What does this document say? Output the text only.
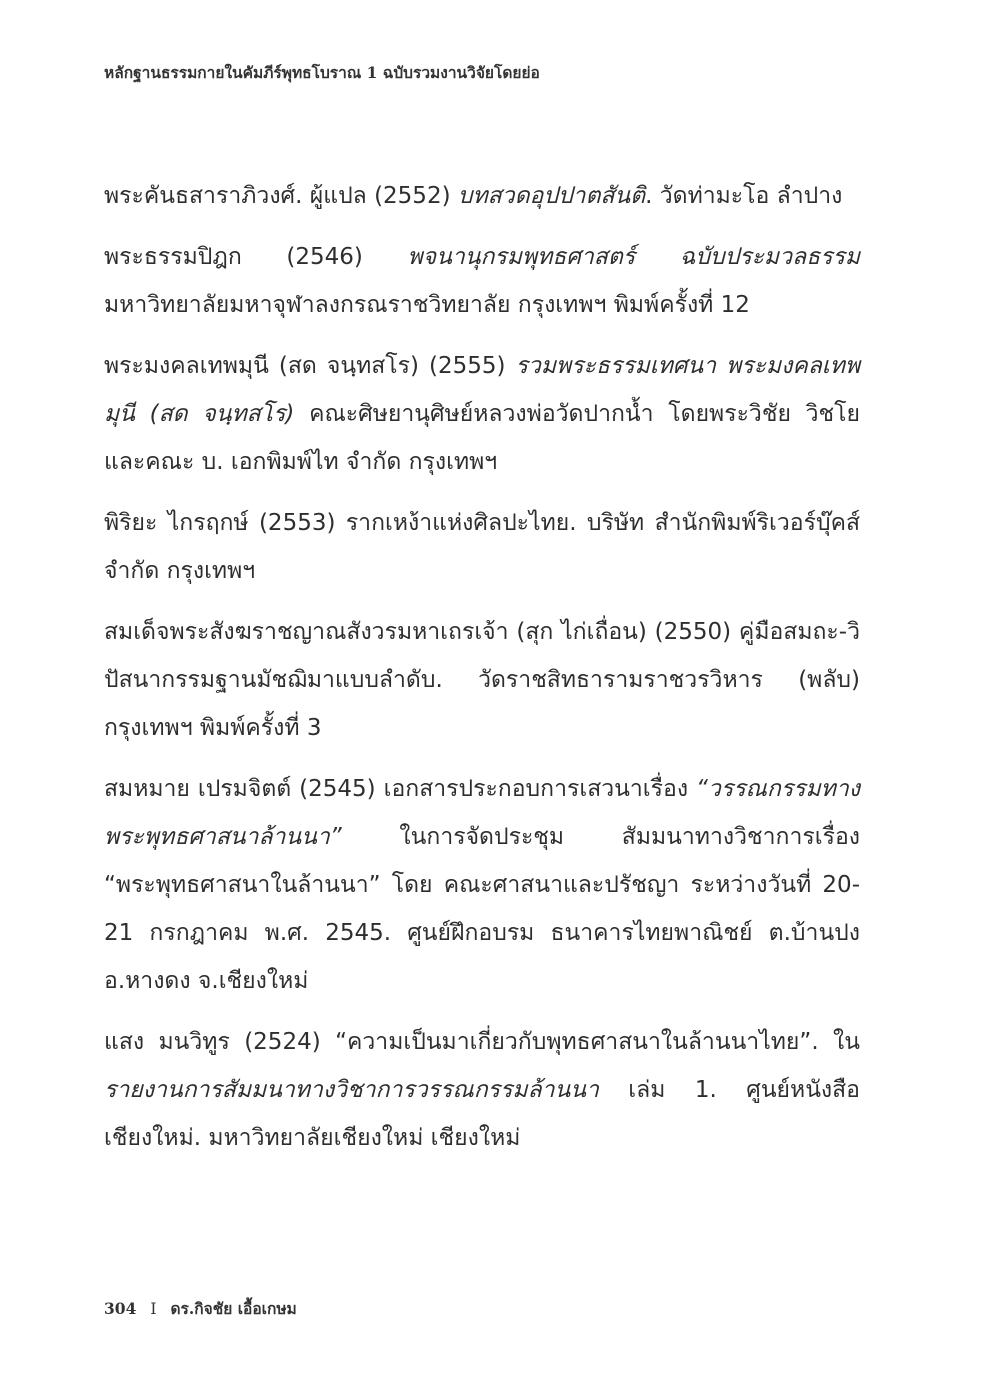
หลักฐานธรรมกายในคัมภีร์พุทธโบราณ 1 ฉบับรวมงานวิจัยโดยย่อ

พระคันธสาราภิวงศ์. ผู้แปล (2552) บทสวดอุปปาตสันติ. วัดท่ามะโอ ลำปาง

พระธรรมปิฎก (2546) พจนานุกรมพุทธศาสตร์ ฉบับประมวลธรรม มหาวิทยาลัยมหาจุฬาลงกรณราชวิทยาลัย กรุงเทพฯ พิมพ์ครั้งที่ 12

พระมงคลเทพมุนี (สด จนฺทสโร) (2555) รวมพระธรรมเทศนา พระมงคลเทพมุนี (สด จนฺทสโร) คณะศิษยานุศิษย์หลวงพ่อวัดปากน้ำ โดยพระวิชัย วิชโย และคณะ บ. เอกพิมพ์ไท จำกัด กรุงเทพฯ

พิริยะ ไกรฤกษ์ (2553) รากเหง้าแห่งศิลปะไทย. บริษัท สำนักพิมพ์ริเวอร์บุ๊คส์ จำกัด กรุงเทพฯ

สมเด็จพระสังฆราชญาณสังวรมหาเถรเจ้า (สุก ไก่เถื่อน) (2550) คู่มือสมถะ-วิปัสนากรรมฐานมัชฌิมาแบบลำดับ. วัดราชสิทธารามราชวรวิหาร (พลับ) กรุงเทพฯ พิมพ์ครั้งที่ 3

สมหมาย เปรมจิตต์ (2545) เอกสารประกอบการเสวนาเรื่อง “วรรณกรรมทางพระพุทธศาสนาล้านนา” ในการจัดประชุม สัมมนาทางวิชาการเรื่อง “พระพุทธศาสนาในล้านนา” โดย คณะศาสนาและปรัชญา ระหว่างวันที่ 20-21 กรกฎาคม พ.ศ. 2545. ศูนย์ฝึกอบรม ธนาคารไทยพาณิชย์ ต.บ้านปง อ.หางดง จ.เชียงใหม่

แสง มนวิทูร (2524) “ความเป็นมาเกี่ยวกับพุทธศาสนาในล้านนาไทย”. ใน รายงานการสัมมนาทางวิชาการวรรณกรรมล้านนา เล่ม 1. ศูนย์หนังสือเชียงใหม่. มหาวิทยาลัยเชียงใหม่ เชียงใหม่

304 I ดร.กิจชัย เอื้อเกษม
